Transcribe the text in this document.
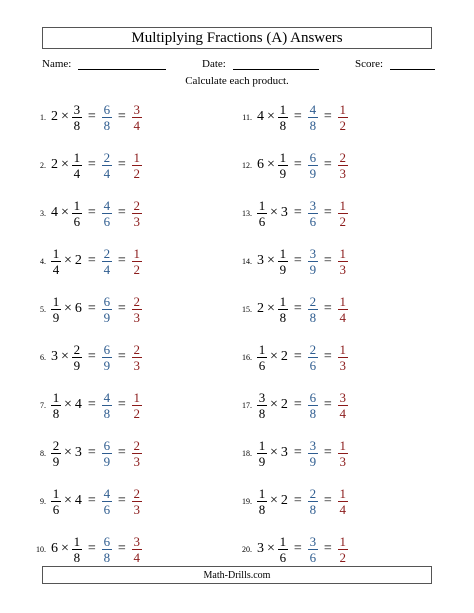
Multiplying Fractions (A) Answers
Name:	Date:	Score:
Calculate each product.
1. $2 \times \frac{3}{8} = \frac{6}{8} = \frac{3}{4}$
2. $2 \times \frac{1}{4} = \frac{2}{4} = \frac{1}{2}$
3. $4 \times \frac{1}{6} = \frac{4}{6} = \frac{2}{3}$
4. $\frac{1}{4} \times 2 = \frac{2}{4} = \frac{1}{2}$
5. $\frac{1}{9} \times 6 = \frac{6}{9} = \frac{2}{3}$
6. $3 \times \frac{2}{9} = \frac{6}{9} = \frac{2}{3}$
7. $\frac{1}{8} \times 4 = \frac{4}{8} = \frac{1}{2}$
8. $\frac{2}{9} \times 3 = \frac{6}{9} = \frac{2}{3}$
9. $\frac{1}{6} \times 4 = \frac{4}{6} = \frac{2}{3}$
10. $6 \times \frac{1}{8} = \frac{6}{8} = \frac{3}{4}$
11. $4 \times \frac{1}{8} = \frac{4}{8} = \frac{1}{2}$
12. $6 \times \frac{1}{9} = \frac{6}{9} = \frac{2}{3}$
13. $\frac{1}{6} \times 3 = \frac{3}{6} = \frac{1}{2}$
14. $3 \times \frac{1}{9} = \frac{3}{9} = \frac{1}{3}$
15. $2 \times \frac{1}{8} = \frac{2}{8} = \frac{1}{4}$
16. $\frac{1}{6} \times 2 = \frac{2}{6} = \frac{1}{3}$
17. $\frac{3}{8} \times 2 = \frac{6}{8} = \frac{3}{4}$
18. $\frac{1}{9} \times 3 = \frac{3}{9} = \frac{1}{3}$
19. $\frac{1}{8} \times 2 = \frac{2}{8} = \frac{1}{4}$
20. $3 \times \frac{1}{6} = \frac{3}{6} = \frac{1}{2}$
Math-Drills.com
